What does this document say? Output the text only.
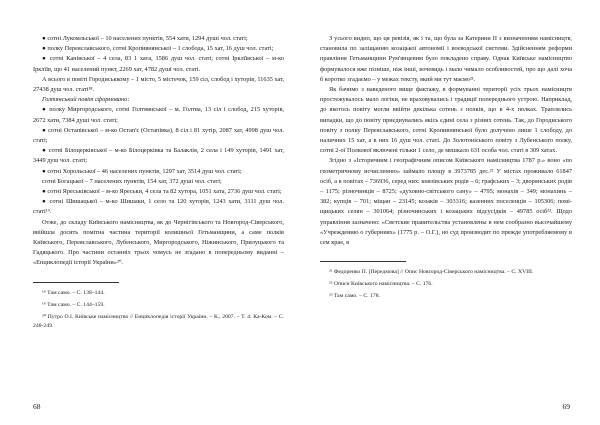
● сотні Лукомльської – 10 населених пунктів, 554 хати, 1294 душі чол. статі;

● полку Переяславського, сотні Кропивнянської – 1 слобода, 15 хат, 16 душ чол. статі;

● сотні Канівської – 4 села, 83 1 хата, 1586 душ чол. статі; сотні Ірклїївської – м-ко Ірклїїв, що 41 населений пункт, 2269 хат, 4782 душі чол. статі.

А всього в повіті Городиськкому – 1 місто, 5 містечок, 159 сіл, слобод і хуторів, 11635 хат, 27438 душ чол. статі¹⁸.

Голтянський повіт сформовано:

● полку Миргородського, сотні Голтвянської – м. Голтва, 13 сіл і слобод, 215 хуторів, 2672 хати, 7384 душі чол. статі;

● сотні Остапівської – м-ко Остап'є (Остапівка), 8 сіл і 81 хутір, 2087 хат, 4998 душ чол. статі;

● сотні Білоцерківської – м-ко Білоцерківка та Балаклія, 2 села і 149 хуторів, 1491 хат, 3449 душ чол. статі;

● сотні Хорольської – 46 населених пунктів, 1297 хат, 3514 душ чол. статі;

сотні Богацької – 7 населених пунктів, 154 хат, 372 душі чол. статі;

● сотні Яреськівської – м-ко Яреськи, 4 села та 82 хутора, 1051 хата, 2736 душ чол. статі;

● сотні Шишацької – м-ко Шишаки, 1 село та 120 хуторів, 1243 хати, 3111 душ чол. статі¹⁹.

Отже, до складу Київського намісництва, як до Чернігівського та Новгород-Сіверського, ввійшла досить помітна частина території колишньої Гетьманщини, а саме полків Київського, Переяславського, Лубенського, Миргородського, Ніжинського, Прилуцького та Гадяцького. Про частини останніх трьох чомусь не згадано в попередньому виданні – «Енциклопедії історії України»²⁰.

¹⁸ Там само. – С. 138–144.

¹⁹ Там само. – С. 144–159.

²⁰ Путро О.І. Київське намісництво // Енциклопедія історії України. – К., 2007. – Т. 4: Ка-Ком. – С. 248-249.

68

З усього видно, що ця ревізія, як і та, що була за Катерини II з визначенням намісництв, становила по заліщанню козацької автономії і воєводської системи. Здійсненням реформи правління Гетьманщини Рум'янцевим було покладено справу. Однак Київське намісництво формувалося вже пізніше, ніж інші, вочевидь і мало чимало особливостей, про що далі хоча б коротко згадаємо – у межах тексту, який ми тут маємо²¹.

Як бачимо з наведеного вище фактажу, в формуванні території усіх трьох намісництв простежувалось мало логіки, не враховувались і традиції попереднього устрою. Наприклад, до якогось повіту могли ввійти декілька сотень з полків, що в 4-х полках. Траплялись випадки, що до повіту приєднувались якісь єдині села з різних сотень. Так, до Городиського повіту з полку Переяславського, сотні Кропивнянської було долучено лише 1 слободу, до наличних 15 хат, а в них 16 душ чол. статі. До Золотоніського повіту з Лубенського полку, сотні 2-ої Полкової включені тільки 1 село, де мешкало 631 особа чол. статі в 309 хатах.

Згідно з «Історичним і географічним описом Київського намісництва 1787 р.» воно «по геометричному исчисленню» займало площу в 3973785 дес.²² У містах проживало 61847 осіб, а в повітах – 736936, серед них: князівських родів – 6; графських – 3; дворянських родів – 1175; різночинців – 8725; «духовно-світського сану» – 4795; монахів – 349; монахинь – 382; купців – 701; міщан – 23145; козаків – 303316; казенних поселенців – 105306; поміщицьких селян – 301064; різночинських і козацьких підсусідків – 49785 осіб²³. Щодо управління зазначено: «Светские правительства установлены в нем сообразно высочайшему «Учреждению о губерниях» (1775 р. – О.Г.), но суд производит по прежде употребляемому в сем крае, в

²¹ Федоренко П. [Передмова] // Опис Новгород-Сіверського намісництва. – С. XVIII.

²² Описи Київського намісництва. – С. 176.

²³ Там само. – С. 178.

69
